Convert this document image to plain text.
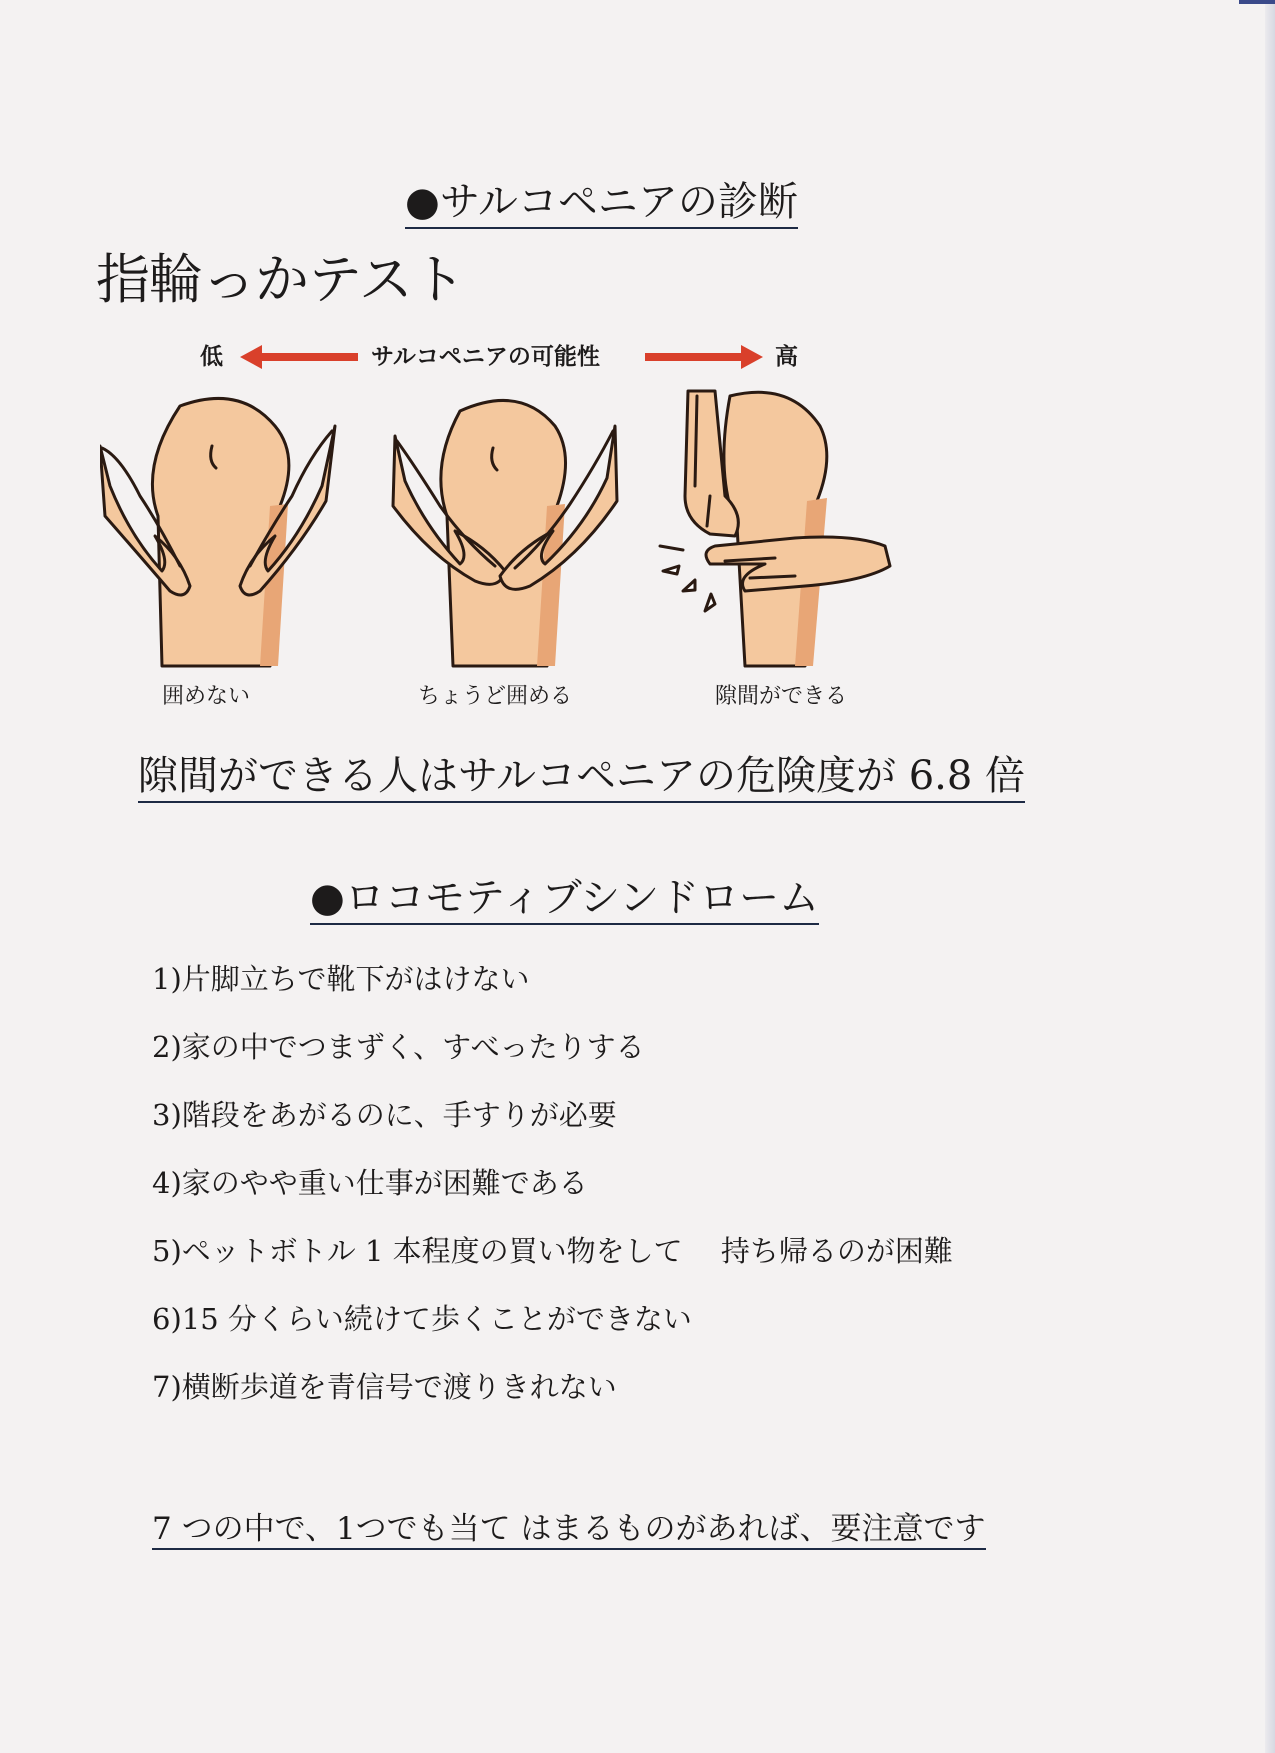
●サルコペニアの診断
指輪っかテスト
低	サルコペニアの可能性	高
囲めない	ちょうど囲める	隙間ができる
隙間ができる人はサルコペニアの危険度が 6.8 倍
●ロコモティブシンドローム
1)片脚立ちで靴下がはけない
2)家の中でつまずく、すべったりする
3)階段をあがるのに、手すりが必要
4)家のやや重い仕事が困難である
5)ペットボトル 1 本程度の買い物をして　 持ち帰るのが困難
6)15 分くらい続けて歩くことができない
7)横断歩道を青信号で渡りきれない
7 つの中で、1つでも当て はまるものがあれば、要注意です
